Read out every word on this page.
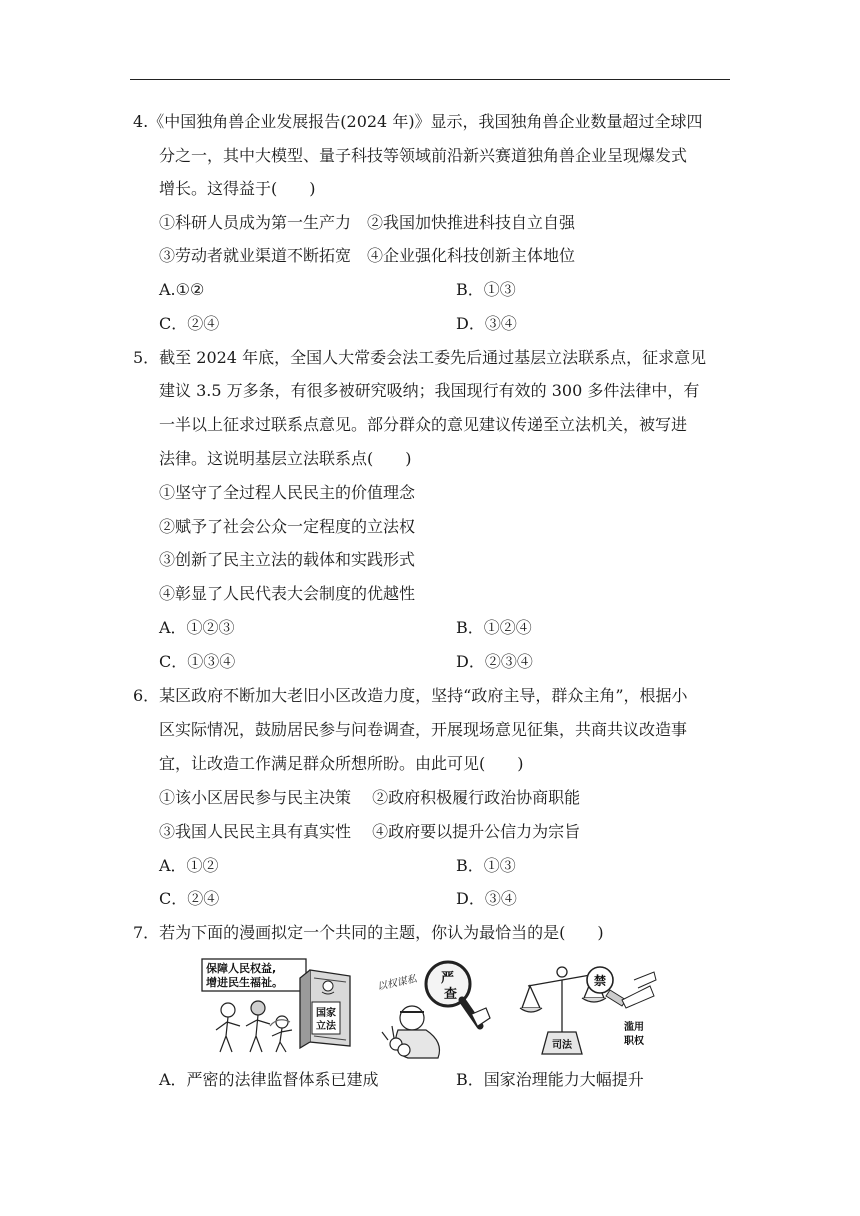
4.《中国独角兽企业发展报告(2024 年)》显示，我国独角兽企业数量超过全球四
分之一，其中大模型、量子科技等领域前沿新兴赛道独角兽企业呈现爆发式
增长。这得益于(　　)
①科研人员成为第一生产力　②我国加快推进科技自立自强
③劳动者就业渠道不断拓宽　④企业强化科技创新主体地位
A.①②	B．①③
C．②④	D．③④
5．截至 2024 年底，全国人大常委会法工委先后通过基层立法联系点，征求意见
建议 3.5 万多条，有很多被研究吸纳；我国现行有效的 300 多件法律中，有
一半以上征求过联系点意见。部分群众的意见建议传递至立法机关，被写进
法律。这说明基层立法联系点(　　)
①坚守了全过程人民民主的价值理念
②赋予了社会公众一定程度的立法权
③创新了民主立法的载体和实践形式
④彰显了人民代表大会制度的优越性
A．①②③	B．①②④
C．①③④	D．②③④
6．某区政府不断加大老旧小区改造力度，坚持“政府主导，群众主角”，根据小
区实际情况，鼓励居民参与问卷调查，开展现场意见征集，共商共议改造事
宜，让改造工作满足群众所想所盼。由此可见(　　)
①该小区居民参与民主决策　 ②政府积极履行政治协商职能
③我国人民民主具有真实性　 ④政府要以提升公信力为宗旨
A．①②	B．①③
C．②④	D．③④
7．若为下面的漫画拟定一个共同的主题，你认为最恰当的是(　　)
保障人民权益,
增进民生福祉。
国家
立法
以权谋私 严
查
司法
禁
滥用
职权
A．严密的法律监督体系已建成	B．国家治理能力大幅提升
